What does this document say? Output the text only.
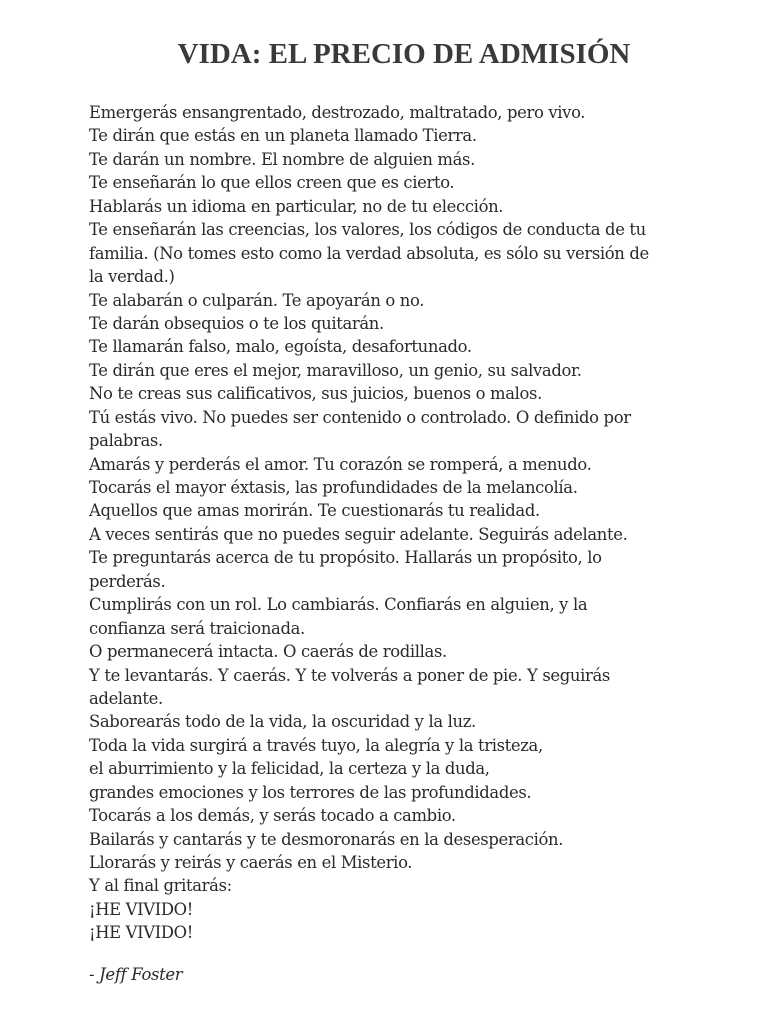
VIDA: EL PRECIO DE ADMISIÓN
Emergerás ensangrentado, destrozado, maltratado, pero vivo.
Te dirán que estás en un planeta llamado Tierra.
Te darán un nombre. El nombre de alguien más.
Te enseñarán lo que ellos creen que es cierto.
Hablarás un idioma en particular, no de tu elección.
Te enseñarán las creencias, los valores, los códigos de conducta de tu
familia. (No tomes esto como la verdad absoluta, es sólo su versión de
la verdad.)
Te alabarán o culparán. Te apoyarán o no.
Te darán obsequios o te los quitarán.
Te llamarán falso, malo, egoísta, desafortunado.
Te dirán que eres el mejor, maravilloso, un genio, su salvador.
No te creas sus calificativos, sus juicios, buenos o malos.
Tú estás vivo. No puedes ser contenido o controlado. O definido por
palabras.
Amarás y perderás el amor. Tu corazón se romperá, a menudo.
Tocarás el mayor éxtasis, las profundidades de la melancolía.
Aquellos que amas morirán. Te cuestionarás tu realidad.
A veces sentirás que no puedes seguir adelante. Seguirás adelante.
Te preguntarás acerca de tu propósito. Hallarás un propósito, lo
perderás.
Cumplirás con un rol. Lo cambiarás. Confiarás en alguien, y la
confianza será traicionada.
O permanecerá intacta. O caerás de rodillas.
Y te levantarás. Y caerás. Y te volverás a poner de pie. Y seguirás
adelante.
Saborearás todo de la vida, la oscuridad y la luz.
Toda la vida surgirá a través tuyo, la alegría y la tristeza,
el aburrimiento y la felicidad, la certeza y la duda,
grandes emociones y los terrores de las profundidades.
Tocarás a los demás, y serás tocado a cambio.
Bailarás y cantarás y te desmoronarás en la desesperación.
Llorarás y reirás y caerás en el Misterio.
Y al final gritarás:
¡HE VIVIDO!
¡HE VIVIDO!
- Jeff Foster
